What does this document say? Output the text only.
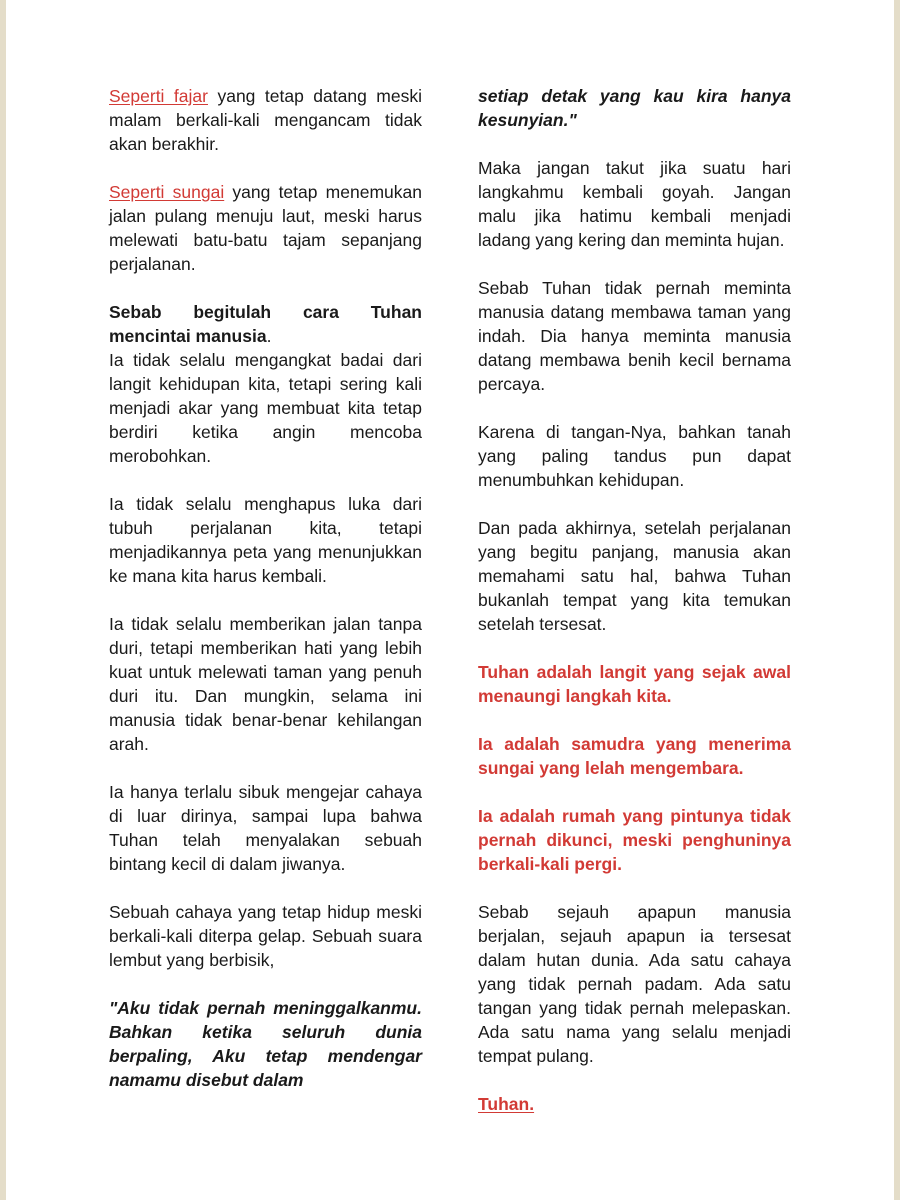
Seperti fajar yang tetap datang meski malam berkali-kali mengancam tidak akan berakhir.

Seperti sungai yang tetap menemukan jalan pulang menuju laut, meski harus melewati batu-batu tajam sepanjang perjalanan.

Sebab begitulah cara Tuhan mencintai manusia.

Ia tidak selalu mengangkat badai dari langit kehidupan kita, tetapi sering kali menjadi akar yang membuat kita tetap berdiri ketika angin mencoba merobohkan.

Ia tidak selalu menghapus luka dari tubuh perjalanan kita, tetapi menjadikannya peta yang menunjukkan ke mana kita harus kembali.

Ia tidak selalu memberikan jalan tanpa duri, tetapi memberikan hati yang lebih kuat untuk melewati taman yang penuh duri itu. Dan mungkin, selama ini manusia tidak benar-benar kehilangan arah.

Ia hanya terlalu sibuk mengejar cahaya di luar dirinya, sampai lupa bahwa Tuhan telah menyalakan sebuah bintang kecil di dalam jiwanya.

Sebuah cahaya yang tetap hidup meski berkali-kali diterpa gelap. Sebuah suara lembut yang berbisik,

"Aku tidak pernah meninggalkanmu. Bahkan ketika seluruh dunia berpaling, Aku tetap mendengar namamu disebut dalam

setiap detak yang kau kira hanya kesunyian."

Maka jangan takut jika suatu hari langkahmu kembali goyah. Jangan malu jika hatimu kembali menjadi ladang yang kering dan meminta hujan.

Sebab Tuhan tidak pernah meminta manusia datang membawa taman yang indah. Dia hanya meminta manusia datang membawa benih kecil bernama percaya.

Karena di tangan-Nya, bahkan tanah yang paling tandus pun dapat menumbuhkan kehidupan.

Dan pada akhirnya, setelah perjalanan yang begitu panjang, manusia akan memahami satu hal, bahwa Tuhan bukanlah tempat yang kita temukan setelah tersesat.

Tuhan adalah langit yang sejak awal menaungi langkah kita.

Ia adalah samudra yang menerima sungai yang lelah mengembara.

Ia adalah rumah yang pintunya tidak pernah dikunci, meski penghuninya berkali-kali pergi.

Sebab sejauh apapun manusia berjalan, sejauh apapun ia tersesat dalam hutan dunia. Ada satu cahaya yang tidak pernah padam. Ada satu tangan yang tidak pernah melepaskan. Ada satu nama yang selalu menjadi tempat pulang.

Tuhan.
